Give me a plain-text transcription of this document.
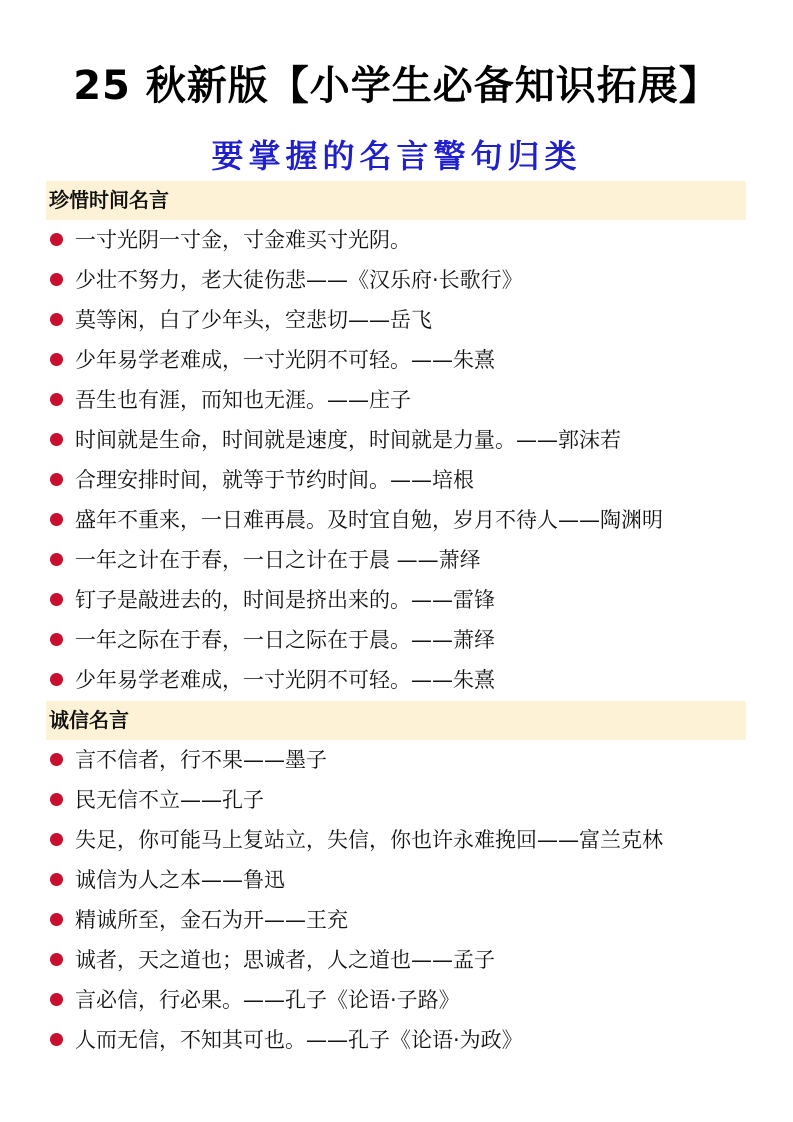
25 秋新版【小学生必备知识拓展】
要掌握的名言警句归类
珍惜时间名言
一寸光阴一寸金，寸金难买寸光阴。
少壮不努力，老大徒伤悲——《汉乐府·长歌行》
莫等闲，白了少年头，空悲切——岳飞
少年易学老难成，一寸光阴不可轻。——朱熹
吾生也有涯，而知也无涯。——庄子
时间就是生命，时间就是速度，时间就是力量。——郭沫若
合理安排时间，就等于节约时间。——培根
盛年不重来，一日难再晨。及时宜自勉，岁月不待人——陶渊明
一年之计在于春，一日之计在于晨 ——萧绎
钉子是敲进去的，时间是挤出来的。——雷锋
一年之际在于春，一日之际在于晨。——萧绎
少年易学老难成，一寸光阴不可轻。——朱熹
诚信名言
言不信者，行不果——墨子
民无信不立——孔子
失足，你可能马上复站立，失信，你也许永难挽回——富兰克林
诚信为人之本——鲁迅
精诚所至，金石为开——王充
诚者，天之道也；思诚者，人之道也——孟子
言必信，行必果。——孔子《论语·子路》
人而无信，不知其可也。——孔子《论语·为政》
